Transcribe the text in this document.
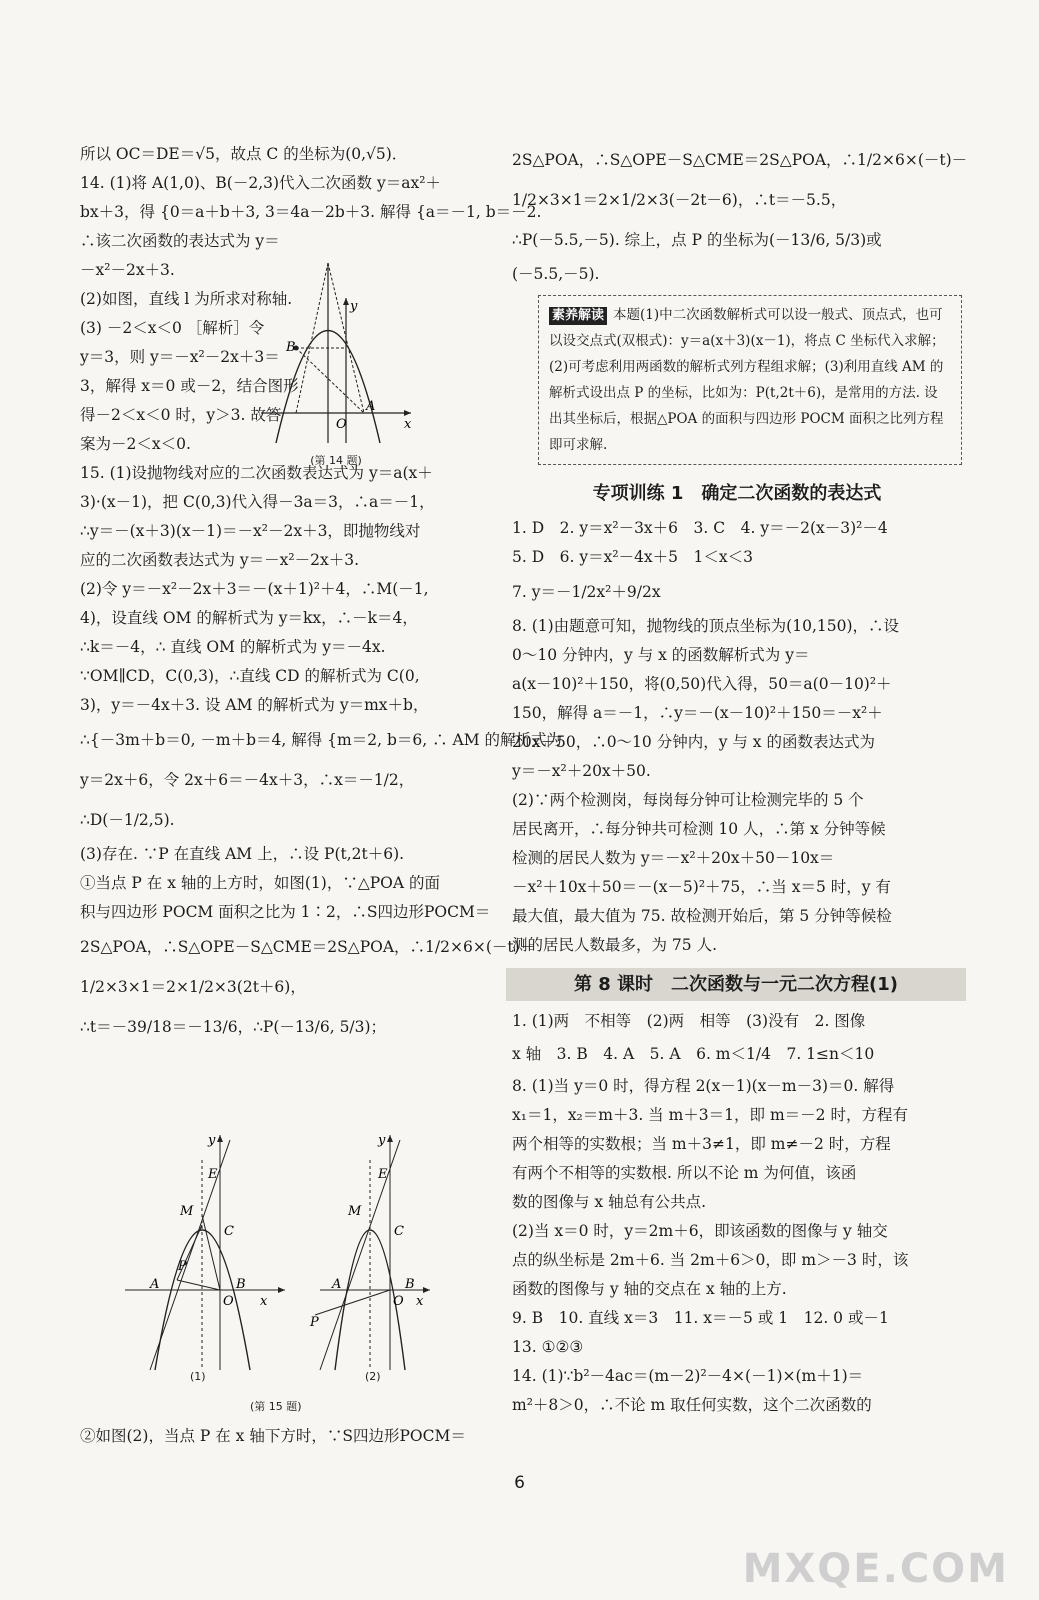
所以 OC＝DE＝√5，故点 C 的坐标为(0,√5)．

14. (1)将 A(1,0)、B(－2,3)代入二次函数 y＝ax²＋

bx＋3，得 {0＝a＋b＋3, 3＝4a－2b＋3. 解得 {a＝－1, b＝－2.

∴该二次函数的表达式为 y＝

－x²－2x＋3.

(2)如图，直线 l 为所求对称轴.

(3) －2＜x＜0 ［解析］令

y＝3，则 y＝－x²－2x＋3＝

3，解得 x＝0 或－2，结合图形

得－2＜x＜0 时，y＞3. 故答

案为－2＜x＜0.

15. (1)设抛物线对应的二次函数表达式为 y＝a(x＋

3)·(x－1)，把 C(0,3)代入得－3a＝3，∴a＝－1，

∴y＝－(x＋3)(x－1)＝－x²－2x＋3，即抛物线对

应的二次函数表达式为 y＝－x²－2x＋3.

(2)令 y＝－x²－2x＋3＝－(x＋1)²＋4，∴M(－1,

4)，设直线 OM 的解析式为 y＝kx，∴－k＝4，

∴k＝－4，∴ 直线 OM 的解析式为 y＝－4x.

∵OM∥CD，C(0,3)，∴直线 CD 的解析式为 C(0,

3)，y＝－4x＋3. 设 AM 的解析式为 y＝mx＋b，

∴{－3m＋b＝0, －m＋b＝4, 解得 {m＝2, b＝6, ∴ AM 的解析式为

y＝2x＋6，令 2x＋6＝－4x＋3，∴x＝－1/2，

∴D(－1/2,5).

(3)存在. ∵P 在直线 AM 上，∴设 P(t,2t＋6).

①当点 P 在 x 轴的上方时，如图(1)，∵△POA 的面

积与四边形 POCM 面积之比为 1∶2，∴S四边形POCM＝

2S△POA，∴S△OPE－S△CME＝2S△POA，∴1/2×6×(－t)－

1/2×3×1＝2×1/2×3(2t＋6)，

∴t＝－39/18＝－13/6，∴P(－13/6, 5/3)；

B
A
O
y
x
(第 14 题)
E
M
C
P
A	B
O x
y
E
M
C
P
A	B
O x
y
(1)	(2)
(第 15 题)

②如图(2)，当点 P 在 x 轴下方时，∵S四边形POCM＝

2S△POA，∴S△OPE－S△CME＝2S△POA，∴1/2×6×(－t)－

1/2×3×1＝2×1/2×3(－2t－6)，∴t＝－5.5，

∴P(－5.5,－5). 综上，点 P 的坐标为(－13/6, 5/3)或

(－5.5,－5).

素养解读 本题(1)中二次函数解析式可以设一般式、顶点式，也可以设交点式(双根式)：y＝a(x＋3)(x－1)，将点 C 坐标代入求解；(2)可考虑利用两函数的解析式列方程组求解；(3)利用直线 AM 的解析式设出点 P 的坐标，比如为：P(t,2t＋6)，是常用的方法. 设出其坐标后，根据△POA 的面积与四边形 POCM 面积之比列方程即可求解.
专项训练 1　确定二次函数的表达式

1. D　2. y＝x²－3x＋6　3. C　4. y＝－2(x－3)²－4

5. D　6. y＝x²－4x＋5　1＜x＜3

7. y＝－1/2x²＋9/2x

8. (1)由题意可知，抛物线的顶点坐标为(10,150)，∴设

0～10 分钟内，y 与 x 的函数解析式为 y＝

a(x－10)²＋150，将(0,50)代入得，50＝a(0－10)²＋

150，解得 a＝－1，∴y＝－(x－10)²＋150＝－x²＋

20x＋50，∴0～10 分钟内，y 与 x 的函数表达式为

y＝－x²＋20x＋50.

(2)∵两个检测岗，每岗每分钟可让检测完毕的 5 个

居民离开，∴每分钟共可检测 10 人，∴第 x 分钟等候

检测的居民人数为 y＝－x²＋20x＋50－10x＝

－x²＋10x＋50＝－(x－5)²＋75，∴当 x＝5 时，y 有

最大值，最大值为 75. 故检测开始后，第 5 分钟等候检

测的居民人数最多，为 75 人.

第 8 课时　二次函数与一元二次方程(1)

1. (1)两　不相等　(2)两　相等　(3)没有　2. 图像

x 轴　3. B　4. A　5. A　6. m＜1/4　7. 1≤n＜10

8. (1)当 y＝0 时，得方程 2(x－1)(x－m－3)＝0. 解得

x₁＝1，x₂＝m＋3. 当 m＋3＝1，即 m＝－2 时，方程有

两个相等的实数根；当 m＋3≠1，即 m≠－2 时，方程

有两个不相等的实数根. 所以不论 m 为何值，该函

数的图像与 x 轴总有公共点.

(2)当 x＝0 时，y＝2m＋6，即该函数的图像与 y 轴交

点的纵坐标是 2m＋6. 当 2m＋6＞0，即 m＞－3 时，该

函数的图像与 y 轴的交点在 x 轴的上方.

9. B　10. 直线 x＝3　11. x＝－5 或 1　12. 0 或－1

13. ①②③

14. (1)∵b²－4ac＝(m－2)²－4×(－1)×(m＋1)＝

m²＋8＞0，∴不论 m 取任何实数，这个二次函数的

6
MXQE.COM
